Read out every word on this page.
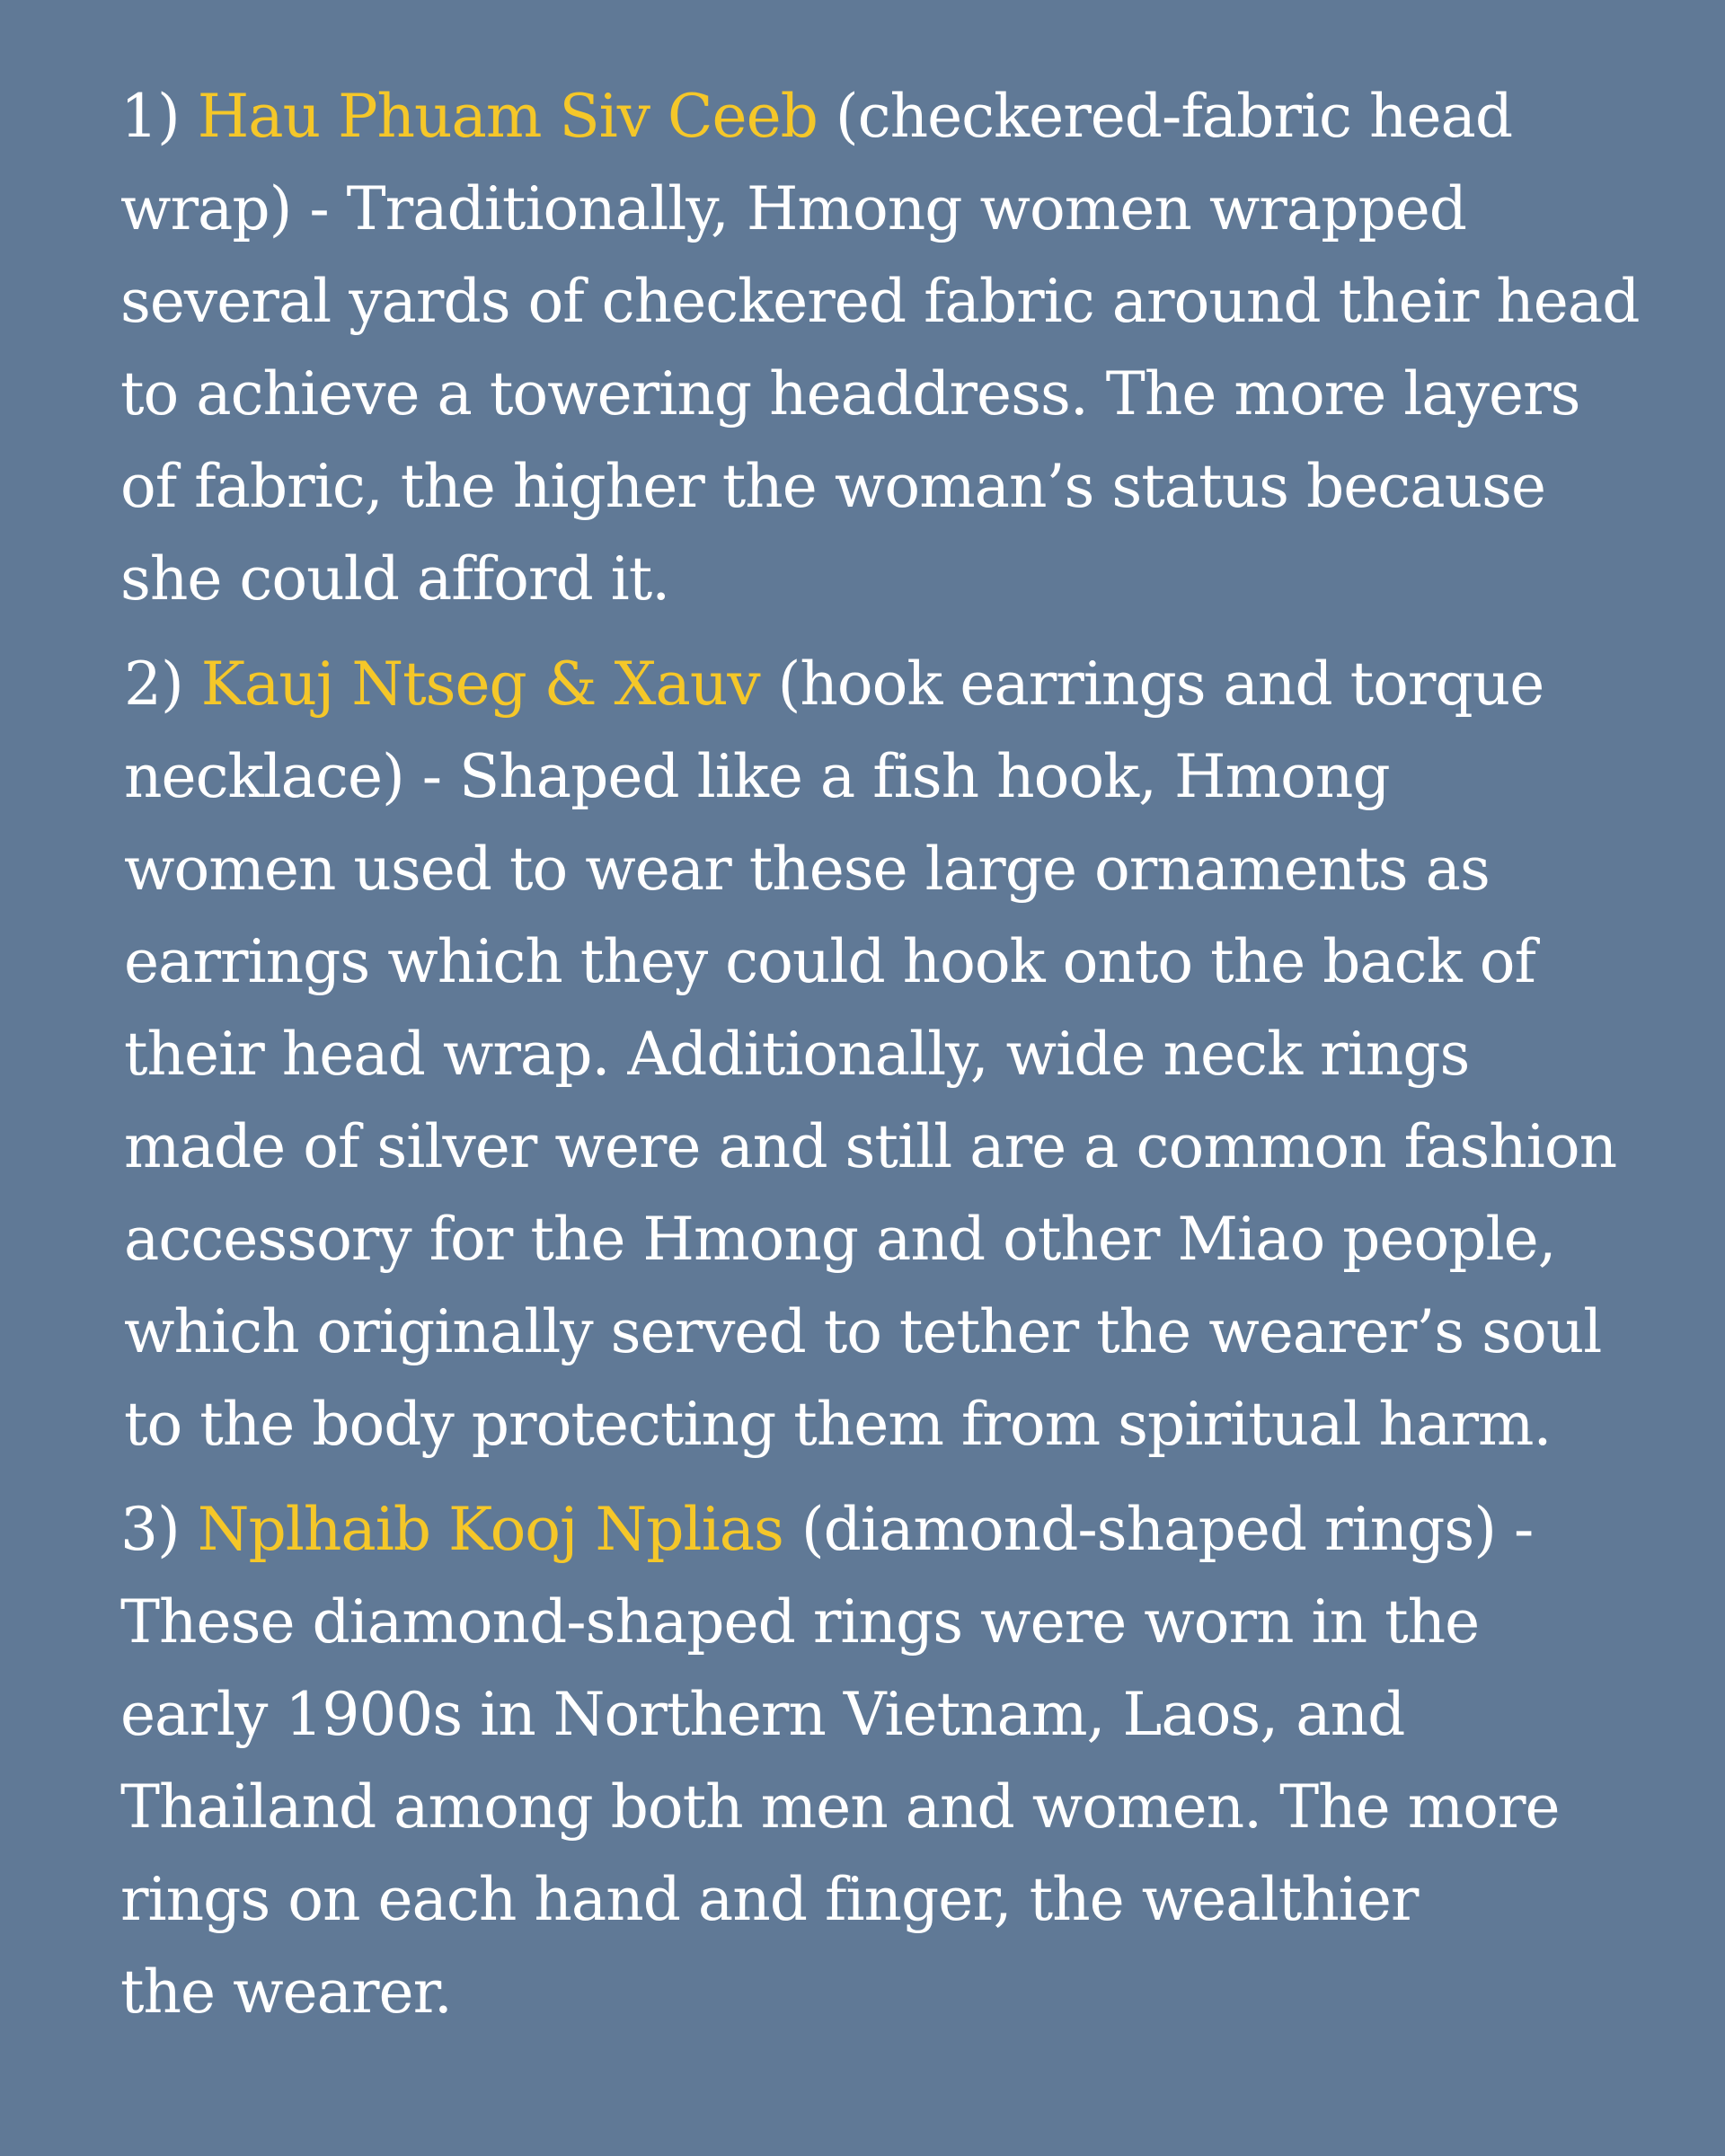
1) Hau Phuam Siv Ceeb (checkered-fabric head
wrap) - Traditionally, Hmong women wrapped
several yards of checkered fabric around their head
to achieve a towering headdress. The more layers
of fabric, the higher the woman’s status because
she could afford it.
2) Kauj Ntseg & Xauv (hook earrings and torque
necklace) - Shaped like a fish hook, Hmong
women used to wear these large ornaments as
earrings which they could hook onto the back of
their head wrap. Additionally, wide neck rings
made of silver were and still are a common fashion
accessory for the Hmong and other Miao people,
which originally served to tether the wearer’s soul
to the body protecting them from spiritual harm.
3) Nplhaib Kooj Nplias (diamond-shaped rings) -
These diamond-shaped rings were worn in the
early 1900s in Northern Vietnam, Laos, and
Thailand among both men and women. The more
rings on each hand and finger, the wealthier
the wearer.
